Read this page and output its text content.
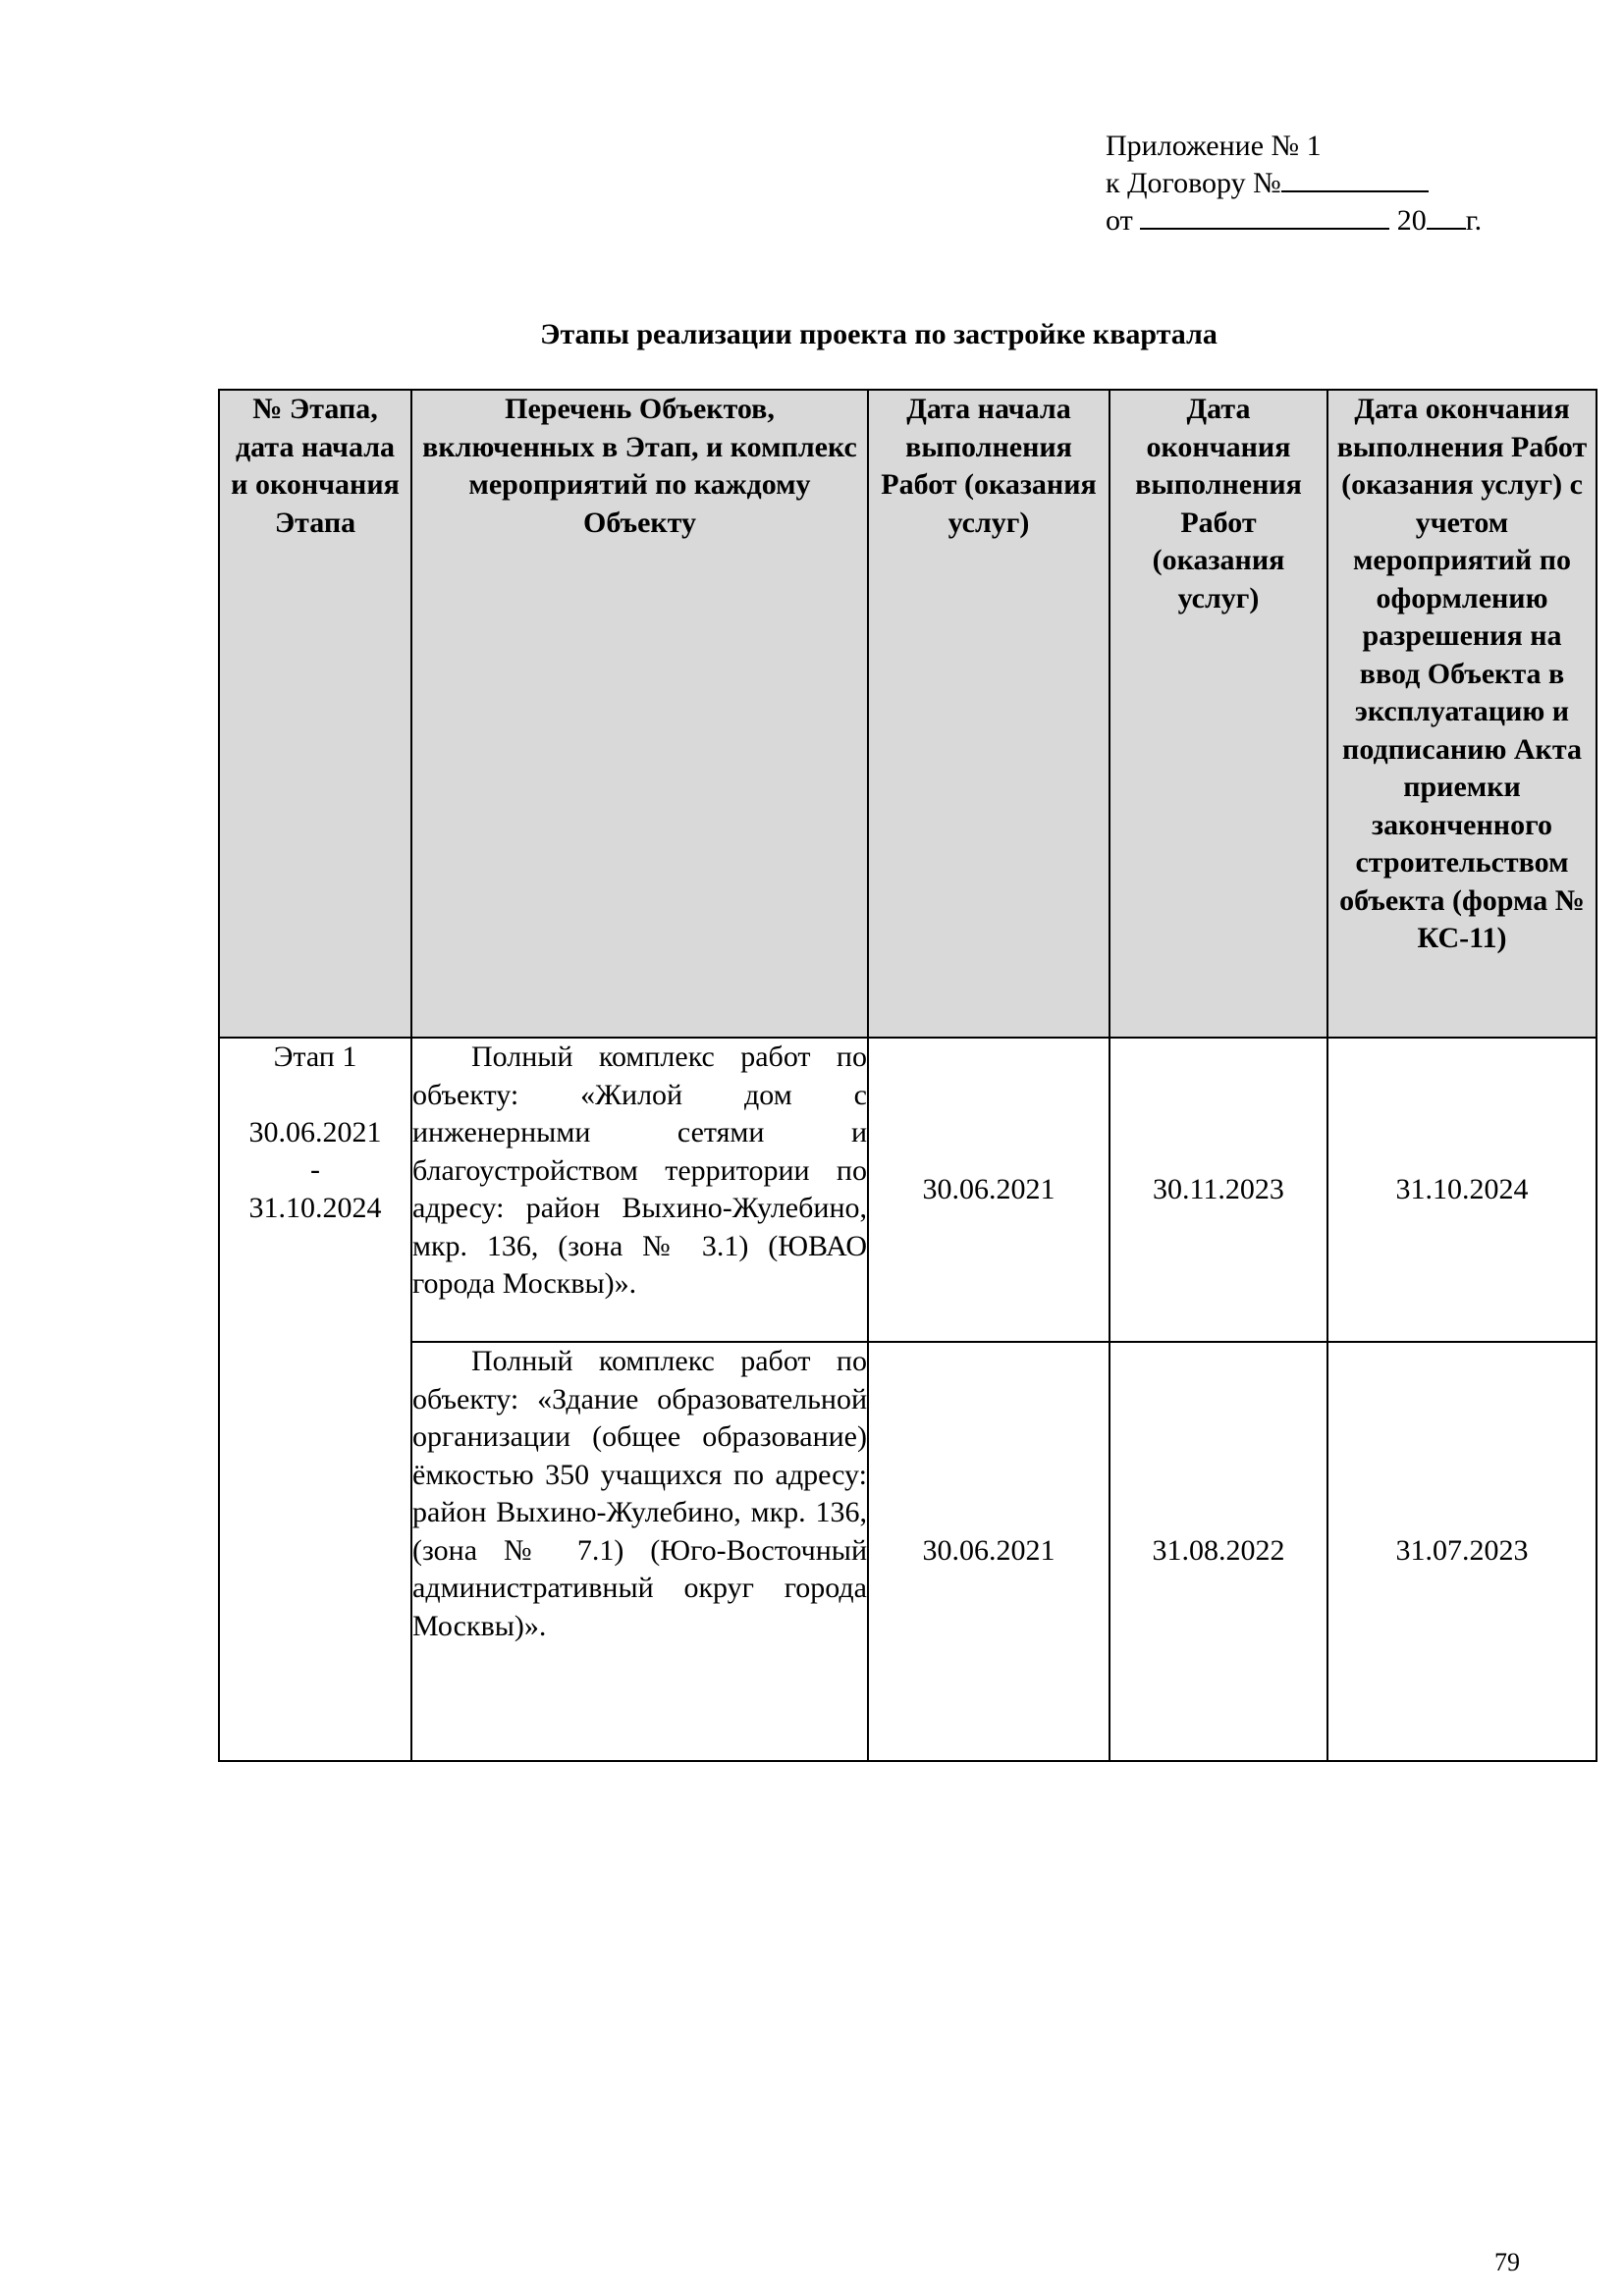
Приложение № 1
к Договору №
от	20 г.
Этапы реализации проекта по застройке квартала
№ Этапа, дата начала и окончания Этапа	Перечень Объектов, включенных в Этап, и комплекс мероприятий по каждому Объекту	Дата начала выполнения Работ (оказания услуг)	Дата окончания выполнения Работ (оказания услуг)	Дата окончания выполнения Работ (оказания услуг) с учетом мероприятий по оформлению разрешения на ввод Объекта в эксплуатацию и подписанию Акта приемки законченного строительством объекта (форма № КС-11)

Этап 1
30.06.2021
-
31.10.2024	Полный комплекс работ по объекту: «Жилой дом с инженерными сетями и благоустройством территории по адресу: район Выхино-Жулебино, мкр. 136, (зона № 3.1) (ЮВАО города Москвы)».	30.06.2021	30.11.2023	31.10.2024

	Полный комплекс работ по объекту: «Здание образовательной организации (общее образование) ёмкостью 350 учащихся по адресу: район Выхино-Жулебино, мкр. 136, (зона № 7.1) (Юго-Восточный административный округ города Москвы)».	30.06.2021	31.08.2022	31.07.2023
79
